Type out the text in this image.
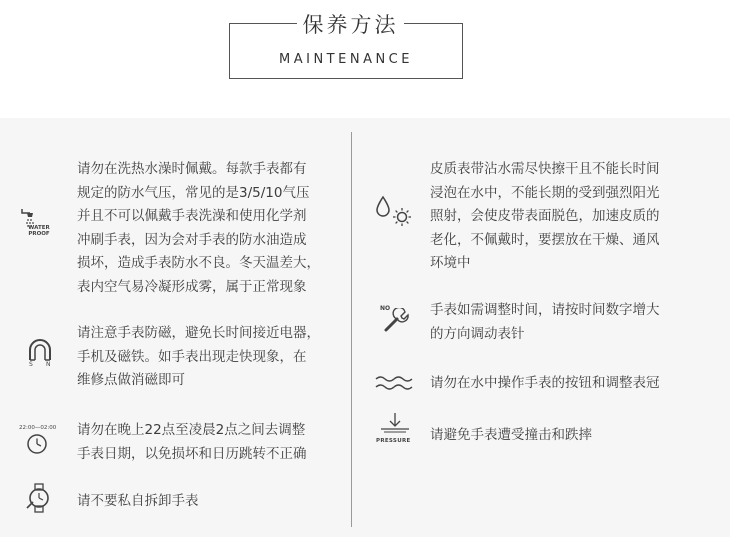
保养方法
MAINTENANCE
WATER PROOF
请勿在洗热水澡时佩戴。每款手表都有
规定的防水气压，常见的是3/5/10气压
并且不可以佩戴手表洗澡和使用化学剂
冲刷手表，因为会对手表的防水油造成
损坏，造成手表防水不良。冬天温差大，
表内空气易冷凝形成雾，属于正常现象
S N
请注意手表防磁，避免长时间接近电器，
手机及磁铁。如手表出现走快现象，在
维修点做消磁即可
22:00—02:00 请勿在晚上22点至凌晨2点之间去调整
手表日期，以免损坏和日历跳转不正确
请不要私自拆卸手表
皮质表带沾水需尽快擦干且不能长时间
浸泡在水中，不能长期的受到强烈阳光
照射，会使皮带表面脱色，加速皮质的
老化，不佩戴时，要摆放在干燥、通风
环境中
NO	手表如需调整时间，请按时间数字增大
的方向调动表针
请勿在水中操作手表的按钮和调整表冠
PRESSURE 请避免手表遭受撞击和跌摔
